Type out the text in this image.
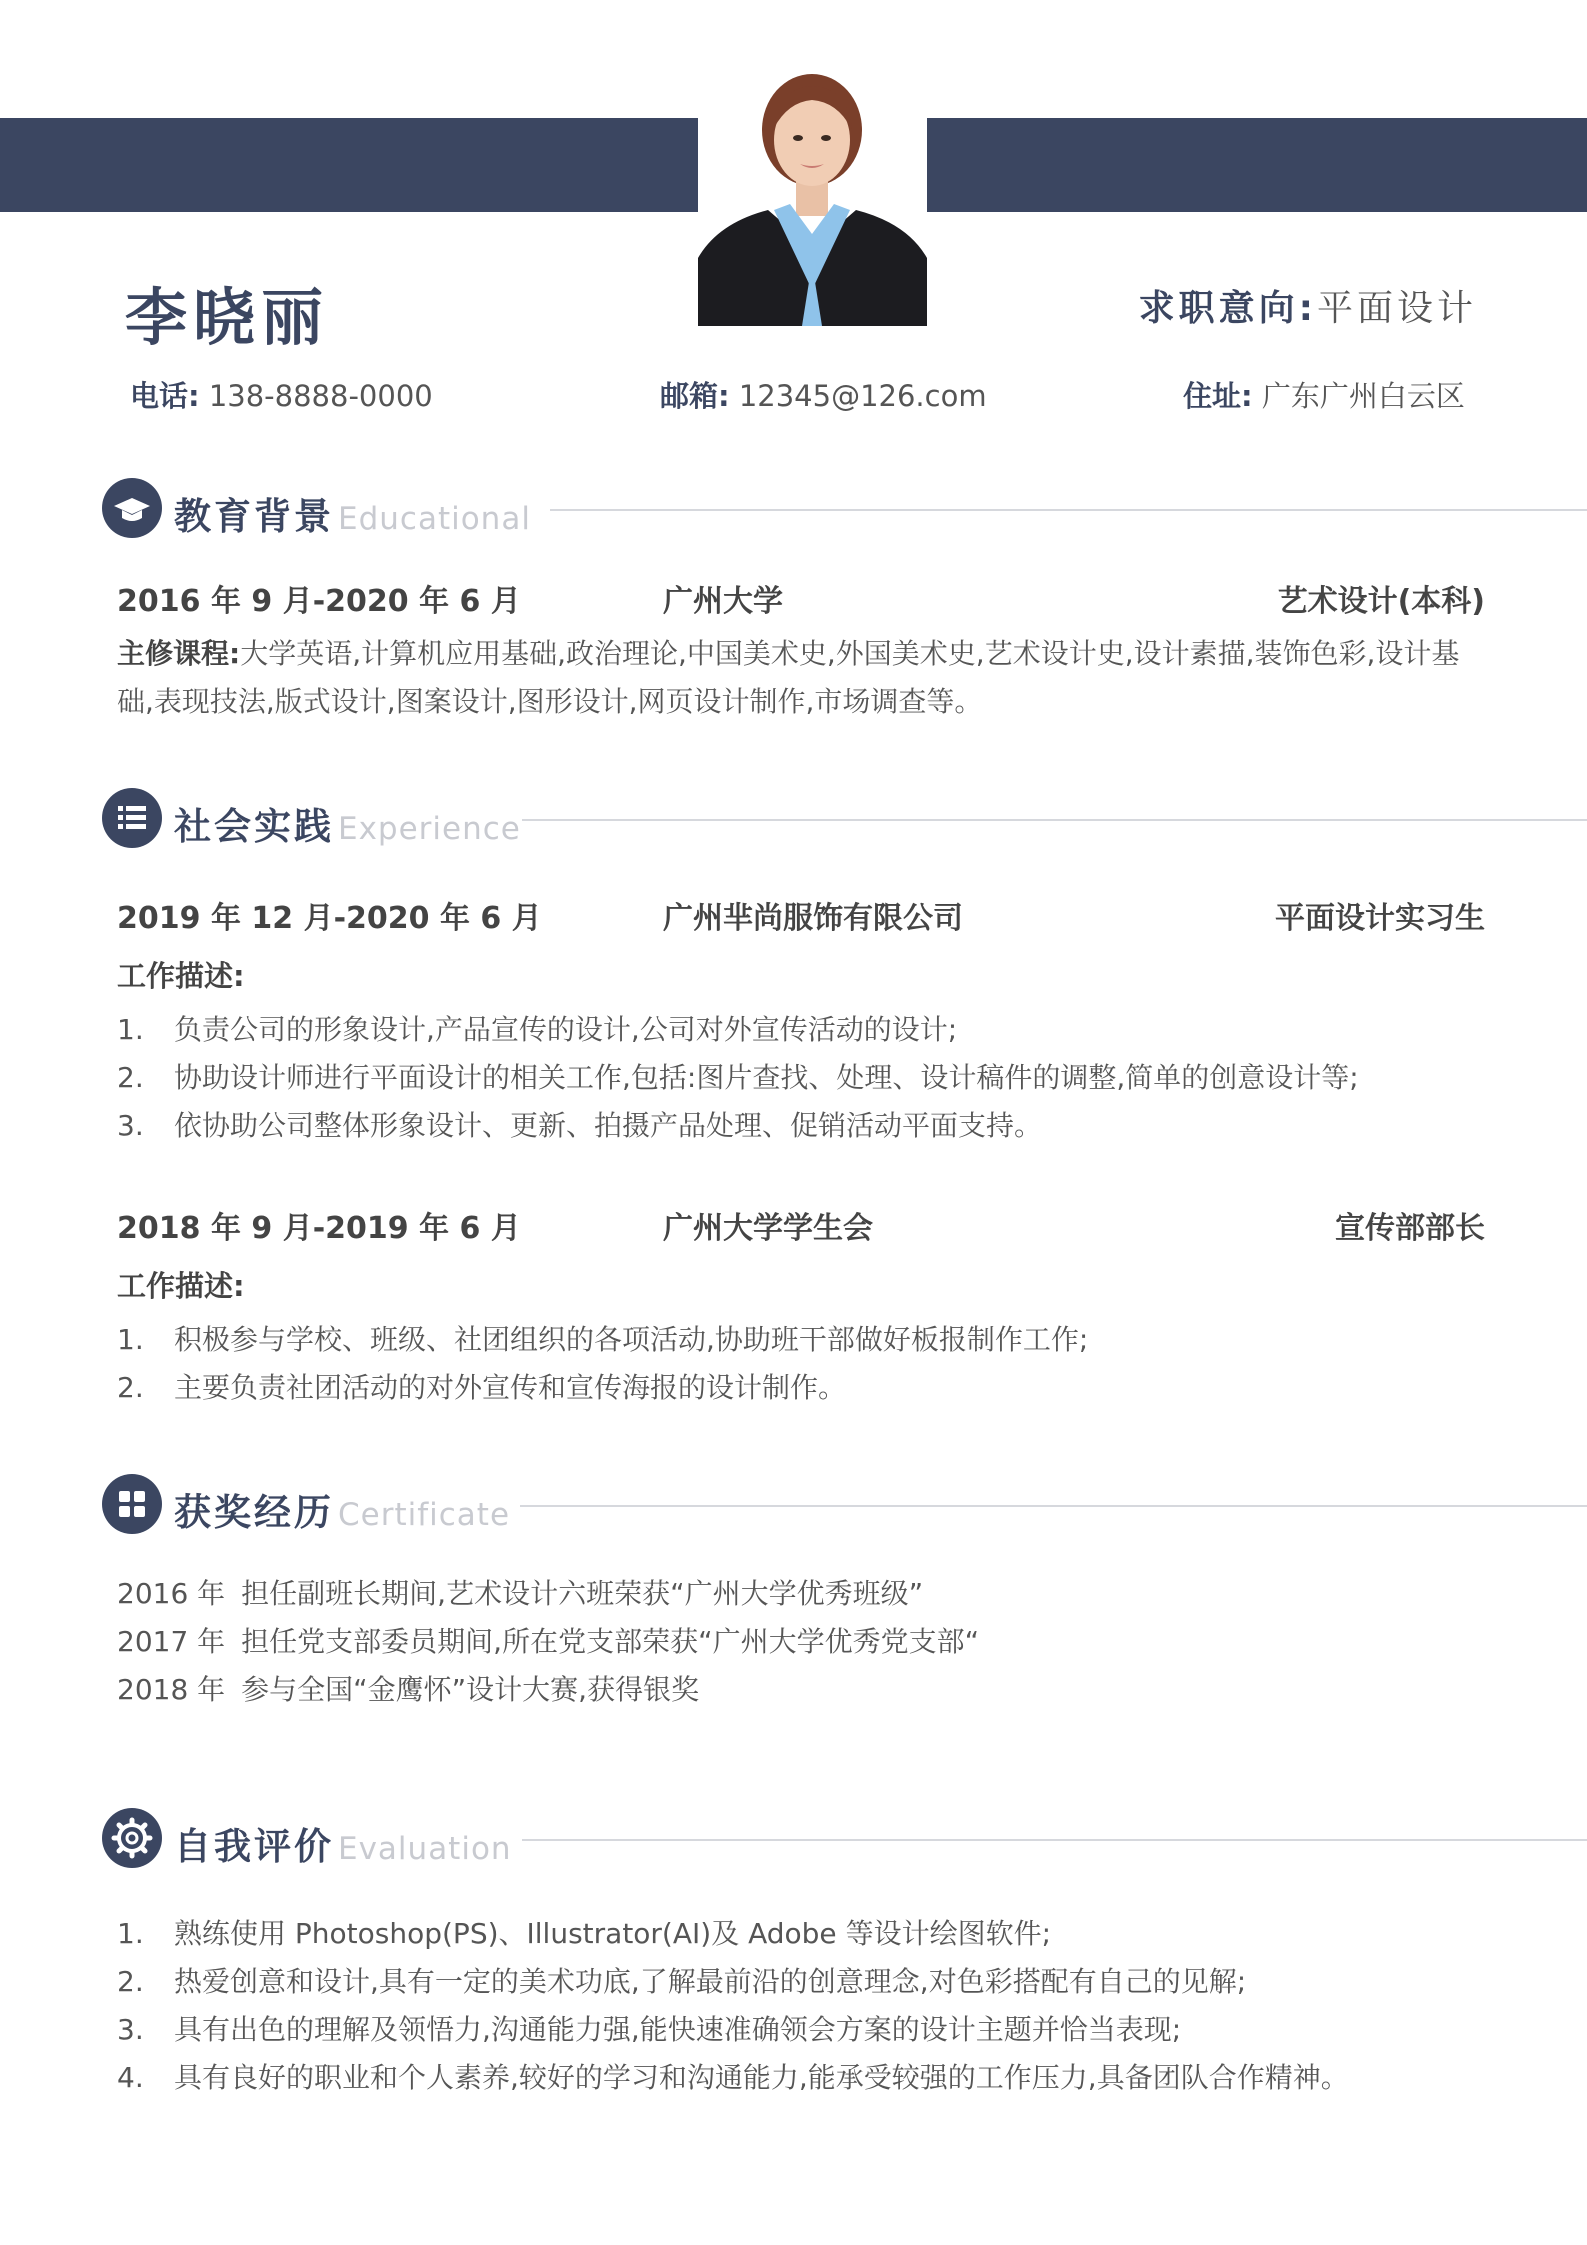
李晓丽	求职意向:平面设计
电话: 138-8888-0000	邮箱: 12345@126.com	住址: 广东广州白云区
教育背景 Educational
2016 年 9 月-2020 年 6 月	广州大学	艺术设计(本科)
主修课程:大学英语,计算机应用基础,政治理论,中国美术史,外国美术史,艺术设计史,设计素描,装饰色彩,设计基础,表现技法,版式设计,图案设计,图形设计,网页设计制作,市场调查等。
社会实践 Experience
2019 年 12 月-2020 年 6 月	广州芈尚服饰有限公司	平面设计实习生
工作描述:
1. 负责公司的形象设计,产品宣传的设计,公司对外宣传活动的设计;
2. 协助设计师进行平面设计的相关工作,包括:图片查找、处理、设计稿件的调整,简单的创意设计等;
3. 依协助公司整体形象设计、更新、拍摄产品处理、促销活动平面支持。
2018 年 9 月-2019 年 6 月	广州大学学生会	宣传部部长
工作描述:
1. 积极参与学校、班级、社团组织的各项活动,协助班干部做好板报制作工作;
2. 主要负责社团活动的对外宣传和宣传海报的设计制作。
获奖经历 Certificate
2016 年 担任副班长期间,艺术设计六班荣获“广州大学优秀班级”
2017 年 担任党支部委员期间,所在党支部荣获“广州大学优秀党支部“
2018 年 参与全国“金鹰怀”设计大赛,获得银奖
自我评价 Evaluation
1. 熟练使用 Photoshop(PS)、Illustrator(AI)及 Adobe 等设计绘图软件;
2. 热爱创意和设计,具有一定的美术功底,了解最前沿的创意理念,对色彩搭配有自己的见解;
3. 具有出色的理解及领悟力,沟通能力强,能快速准确领会方案的设计主题并恰当表现;
4. 具有良好的职业和个人素养,较好的学习和沟通能力,能承受较强的工作压力,具备团队合作精神。
